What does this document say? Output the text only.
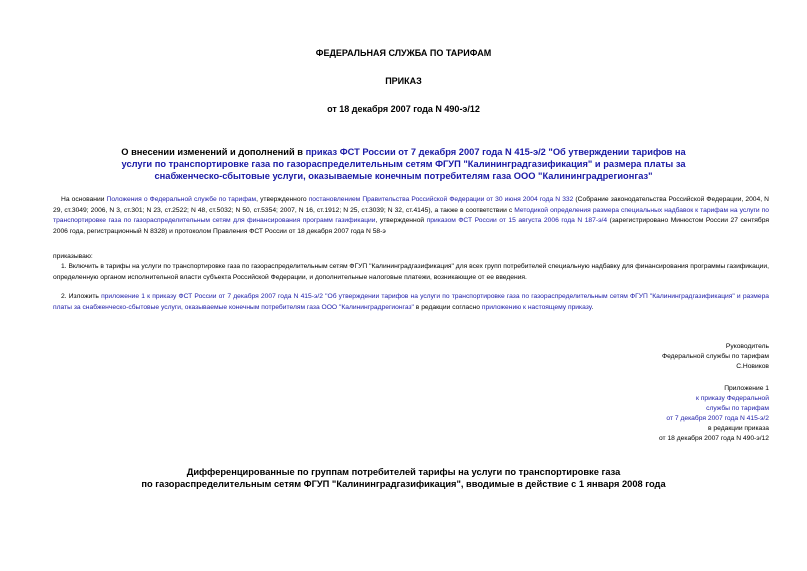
ФЕДЕРАЛЬНАЯ СЛУЖБА ПО ТАРИФАМ
ПРИКАЗ
от 18 декабря 2007 года N 490-э/12
О внесении изменений и дополнений в приказ ФСТ России от 7 декабря 2007 года N 415-э/2 "Об утверждении тарифов на услуги по транспортировке газа по газораспределительным сетям ФГУП "Калининградгазификация" и размера платы за снабженческо-сбытовые услуги, оказываемые конечным потребителям газа ООО "Калининградрегионгаз"
На основании Положения о Федеральной службе по тарифам, утвержденного постановлением Правительства Российской Федерации от 30 июня 2004 года N 332 (Собрание законодательства Российской Федерации, 2004, N 29, ст.3049; 2006, N 3, ст.301; N 23, ст.2522; N 48, ст.5032; N 50, ст.5354; 2007, N 16, ст.1912; N 25, ст.3039; N 32, ст.4145), а также в соответствии с Методикой определения размера специальных надбавок к тарифам на услуги по транспортировке газа по газораспределительным сетям для финансирования программ газификации, утвержденной приказом ФСТ России от 15 августа 2006 года N 187-э/4 (зарегистрировано Минюстом России 27 сентября 2006 года, регистрационный N 8328) и протоколом Правления ФСТ России от 18 декабря 2007 года N 58-э
приказываю:
1. Включить в тарифы на услуги по транспортировке газа по газораспределительным сетям ФГУП "Калининградгазификация" для всех групп потребителей специальную надбавку для финансирования программы газификации, определенную органом исполнительной власти субъекта Российской Федерации, и дополнительные налоговые платежи, возникающие от ее введения.
2. Изложить приложение 1 к приказу ФСТ России от 7 декабря 2007 года N 415-э/2 "Об утверждении тарифов на услуги по транспортировке газа по газораспределительным сетям ФГУП "Калининградгазификация" и размера платы за снабженческо-сбытовые услуги, оказываемые конечным потребителям газа ООО "Калининградрегионгаз" в редакции согласно приложению к настоящему приказу.
Руководитель
Федеральной службы по тарифам
С.Новиков
Приложение 1
к приказу Федеральной
службы по тарифам
от 7 декабря 2007 года N 415-э/2
в редакции приказа
от 18 декабря 2007 года N 490-э/12
Дифференцированные по группам потребителей тарифы на услуги по транспортировке газа
по газораспределительным сетям ФГУП "Калининградгазификация", вводимые в действие с 1 января 2008 года
